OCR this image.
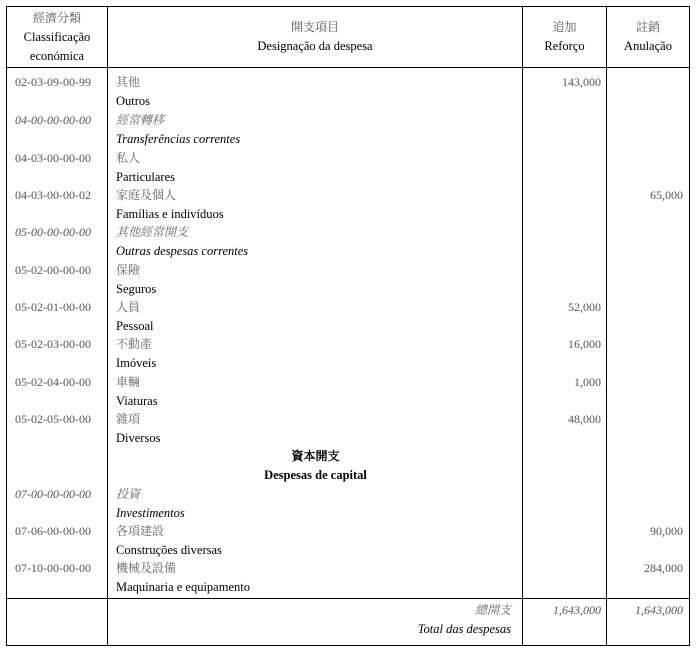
經濟分類
Classificação
económica
開支項目
Designação da despesa
追加
Reforço
註銷
Anulação
02-03-09-00-99 其他
Outros
143,000
04-00-00-00-00 經常轉移
Transferências correntes
04-03-00-00-00 私人
Particulares
04-03-00-00-02 家庭及個人
Famílias e indivíduos
65,000
05-00-00-00-00 其他經常開支
Outras despesas correntes
05-02-00-00-00 保險
Seguros
05-02-01-00-00 人員
Pessoal
52,000
05-02-03-00-00 不動產
Imóveis
16,000
05-02-04-00-00 車輛
Viaturas
1,000
05-02-05-00-00 雜項
Diversos
48,000
資本開支
Despesas de capital
07-00-00-00-00 投資
Investimentos
07-06-00-00-00 各項建設
Construções diversas
90,000
07-10-00-00-00 機械及設備
Maquinaria e equipamento
284,000
總開支
Total das despesas
1,643,000	1,643,000
